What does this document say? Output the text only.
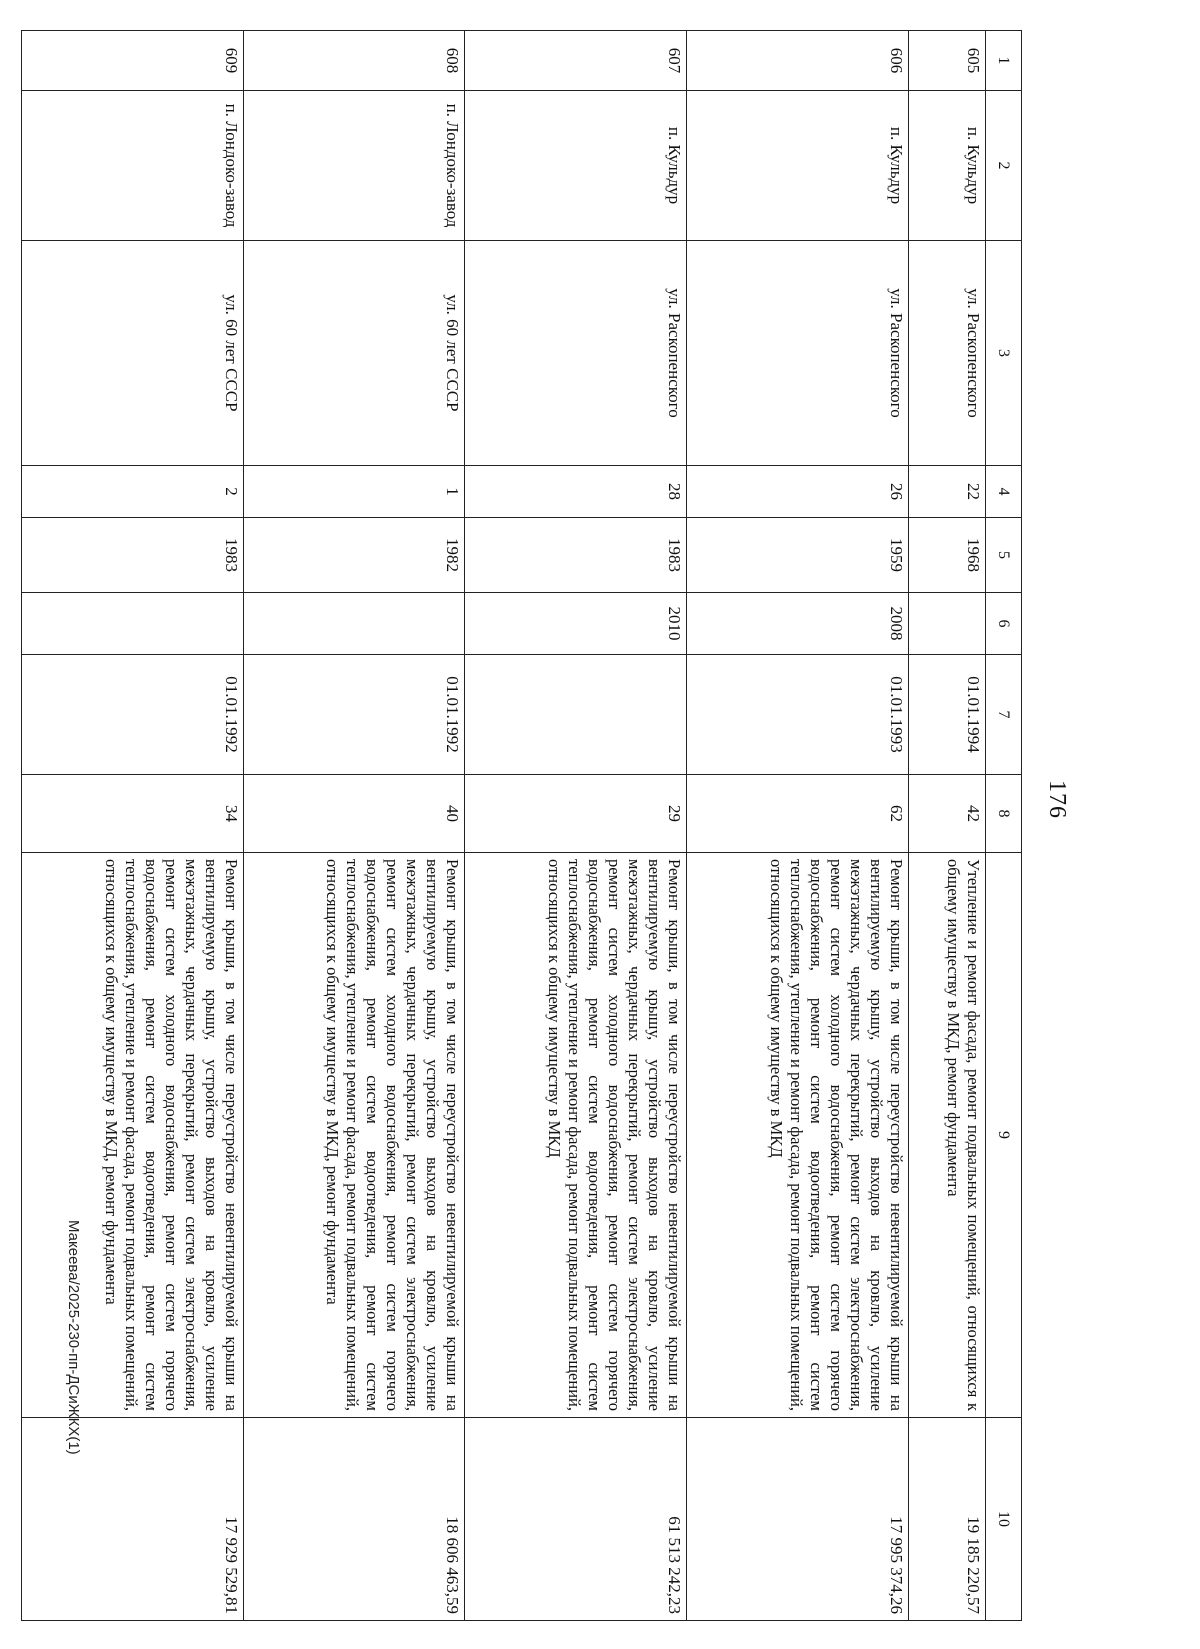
176
1	2	3	4	5	6	7	8	9	10
605	п. Кульдур	ул. Раскопенского	22	1968		01.01.1994	42	Утепление и ремонт фасада, ремонт подвальных помещений, относящихся к общему имуществу в МКД, ремонт фундамента	19 185 220,57
606	п. Кульдур	ул. Раскопенского	26	1959	2008	01.01.1993	62	Ремонт крыши, в том числе переустройство невентилируемой крыши на вентилируемую крышу, устройство выходов на кровлю, усиление межэтажных, чердачных перекрытий, ремонт систем электроснабжения, ремонт систем холодного водоснабжения, ремонт систем горячего водоснабжения, ремонт систем водоотведения, ремонт систем теплоснабжения, утепление и ремонт фасада, ремонт подвальных помещений, относящихся к общему имуществу в МКД	17 995 374,26
607	п. Кульдур	ул. Раскопенского	28	1983	2010		29	Ремонт крыши, в том числе переустройство невентилируемой крыши на вентилируемую крышу, устройство выходов на кровлю, усиление межэтажных, чердачных перекрытий, ремонт систем электроснабжения, ремонт систем холодного водоснабжения, ремонт систем горячего водоснабжения, ремонт систем водоотведения, ремонт систем теплоснабжения, утепление и ремонт фасада, ремонт подвальных помещений, относящихся к общему имуществу в МКД	61 513 242,23
608	п. Лондоко-завод	ул. 60 лет СССР	1	1982		01.01.1992	40	Ремонт крыши, в том числе переустройство невентилируемой крыши на вентилируемую крышу, устройство выходов на кровлю, усиление межэтажных, чердачных перекрытий, ремонт систем электроснабжения, ремонт систем холодного водоснабжения, ремонт систем горячего водоснабжения, ремонт систем водоотведения, ремонт систем теплоснабжения, утепление и ремонт фасада, ремонт подвальных помещений, относящихся к общему имуществу в МКД, ремонт фундамента	18 606 463,59
609	п. Лондоко-завод	ул. 60 лет СССР	2	1983		01.01.1992	34	Ремонт крыши, в том числе переустройство невентилируемой крыши на вентилируемую крышу, устройство выходов на кровлю, усиление межэтажных, чердачных перекрытий, ремонт систем электроснабжения, ремонт систем холодного водоснабжения, ремонт систем горячего водоснабжения, ремонт систем водоотведения, ремонт систем теплоснабжения, утепление и ремонт фасада, ремонт подвальных помещений, относящихся к общему имуществу в МКД, ремонт фундамента	17 929 529,81
Макеева/2025-230-пп-ДСиЖКХ(1)
